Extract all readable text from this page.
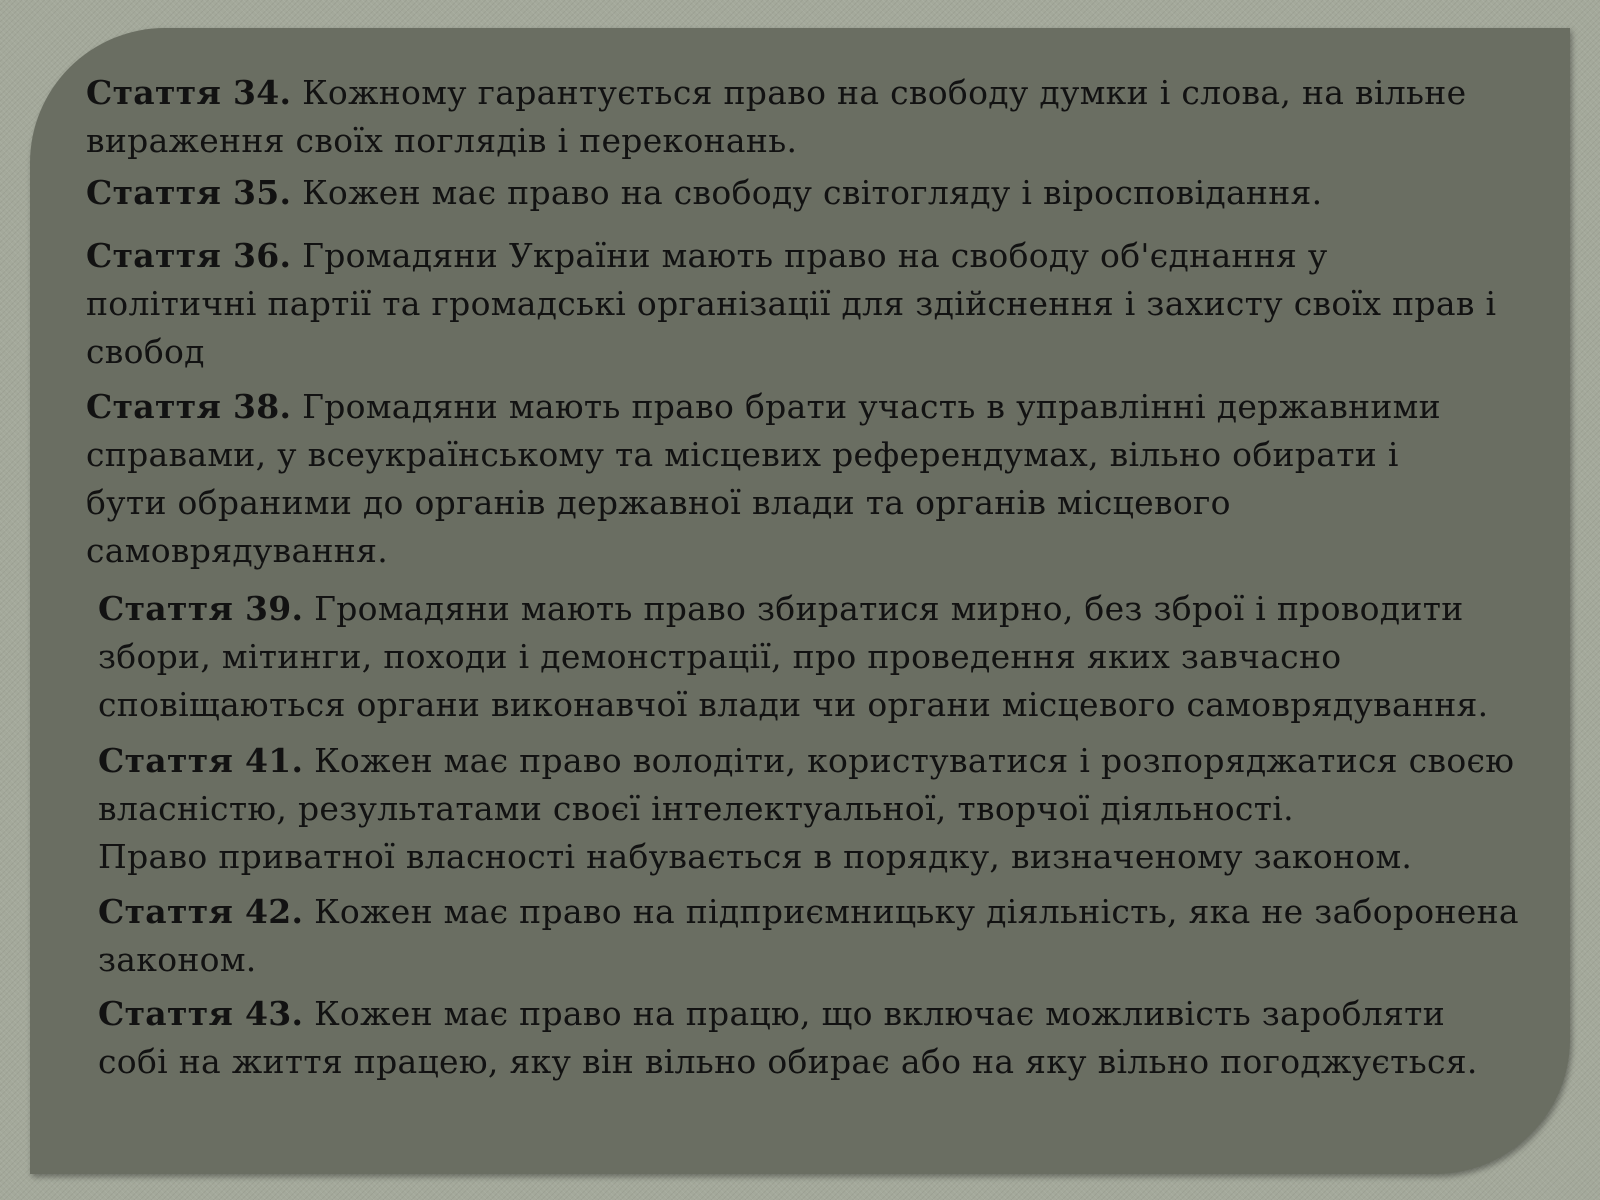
Стаття 34. Кожному гарантується право на свободу думки і слова, на вільне
вираження своїх поглядів і переконань.
Стаття 35. Кожен має право на свободу світогляду і віросповідання.
Стаття 36. Громадяни України мають право на свободу об'єднання у
політичні партії та громадські організації для здійснення і захисту своїх прав і
свобод
Стаття 38. Громадяни мають право брати участь в управлінні державними
справами, у всеукраїнському та місцевих референдумах, вільно обирати і
бути обраними до органів державної влади та органів місцевого
самоврядування.
Стаття 39. Громадяни мають право збиратися мирно, без зброї і проводити
збори, мітинги, походи і демонстрації, про проведення яких завчасно
сповіщаються органи виконавчої влади чи органи місцевого самоврядування.
Стаття 41. Кожен має право володіти, користуватися і розпоряджатися своєю
власністю, результатами своєї інтелектуальної, творчої діяльності.
Право приватної власності набувається в порядку, визначеному законом.
Стаття 42. Кожен має право на підприємницьку діяльність, яка не заборонена
законом.
Стаття 43. Кожен має право на працю, що включає можливість заробляти
собі на життя працею, яку він вільно обирає або на яку вільно погоджується.
